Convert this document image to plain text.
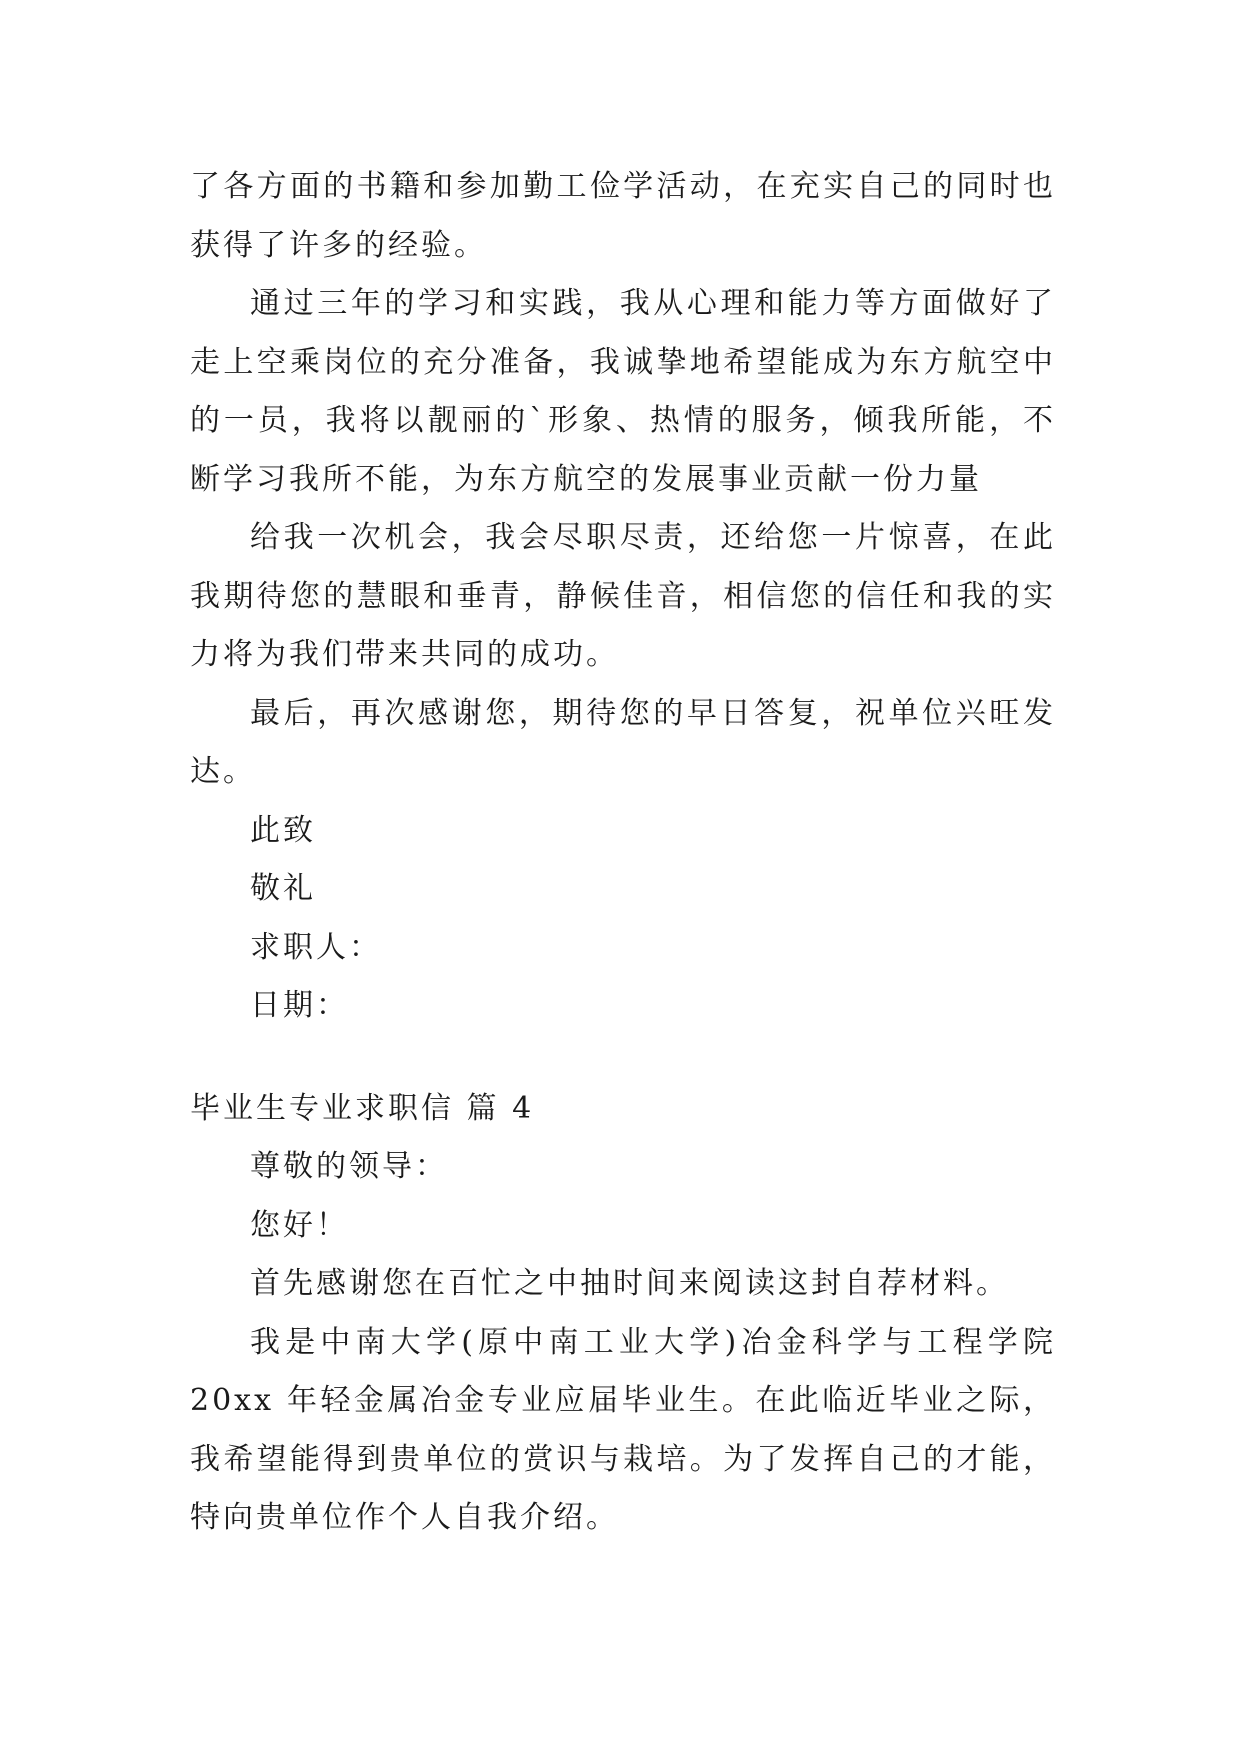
了各方面的书籍和参加勤工俭学活动，在充实自己的同时也获得了许多的经验。

通过三年的学习和实践，我从心理和能力等方面做好了走上空乘岗位的充分准备，我诚挚地希望能成为东方航空中的一员，我将以靓丽的`形象、热情的服务，倾我所能，不断学习我所不能，为东方航空的发展事业贡献一份力量

给我一次机会，我会尽职尽责，还给您一片惊喜，在此我期待您的慧眼和垂青，静候佳音，相信您的信任和我的实力将为我们带来共同的成功。

最后，再次感谢您，期待您的早日答复，祝单位兴旺发达。

此致

敬礼

求职人：

日期：

毕业生专业求职信 篇 4

尊敬的领导：

您好！

首先感谢您在百忙之中抽时间来阅读这封自荐材料。

我是中南大学(原中南工业大学)冶金科学与工程学院 20xx 年轻金属冶金专业应届毕业生。在此临近毕业之际，我希望能得到贵单位的赏识与栽培。为了发挥自己的才能，特向贵单位作个人自我介绍。
